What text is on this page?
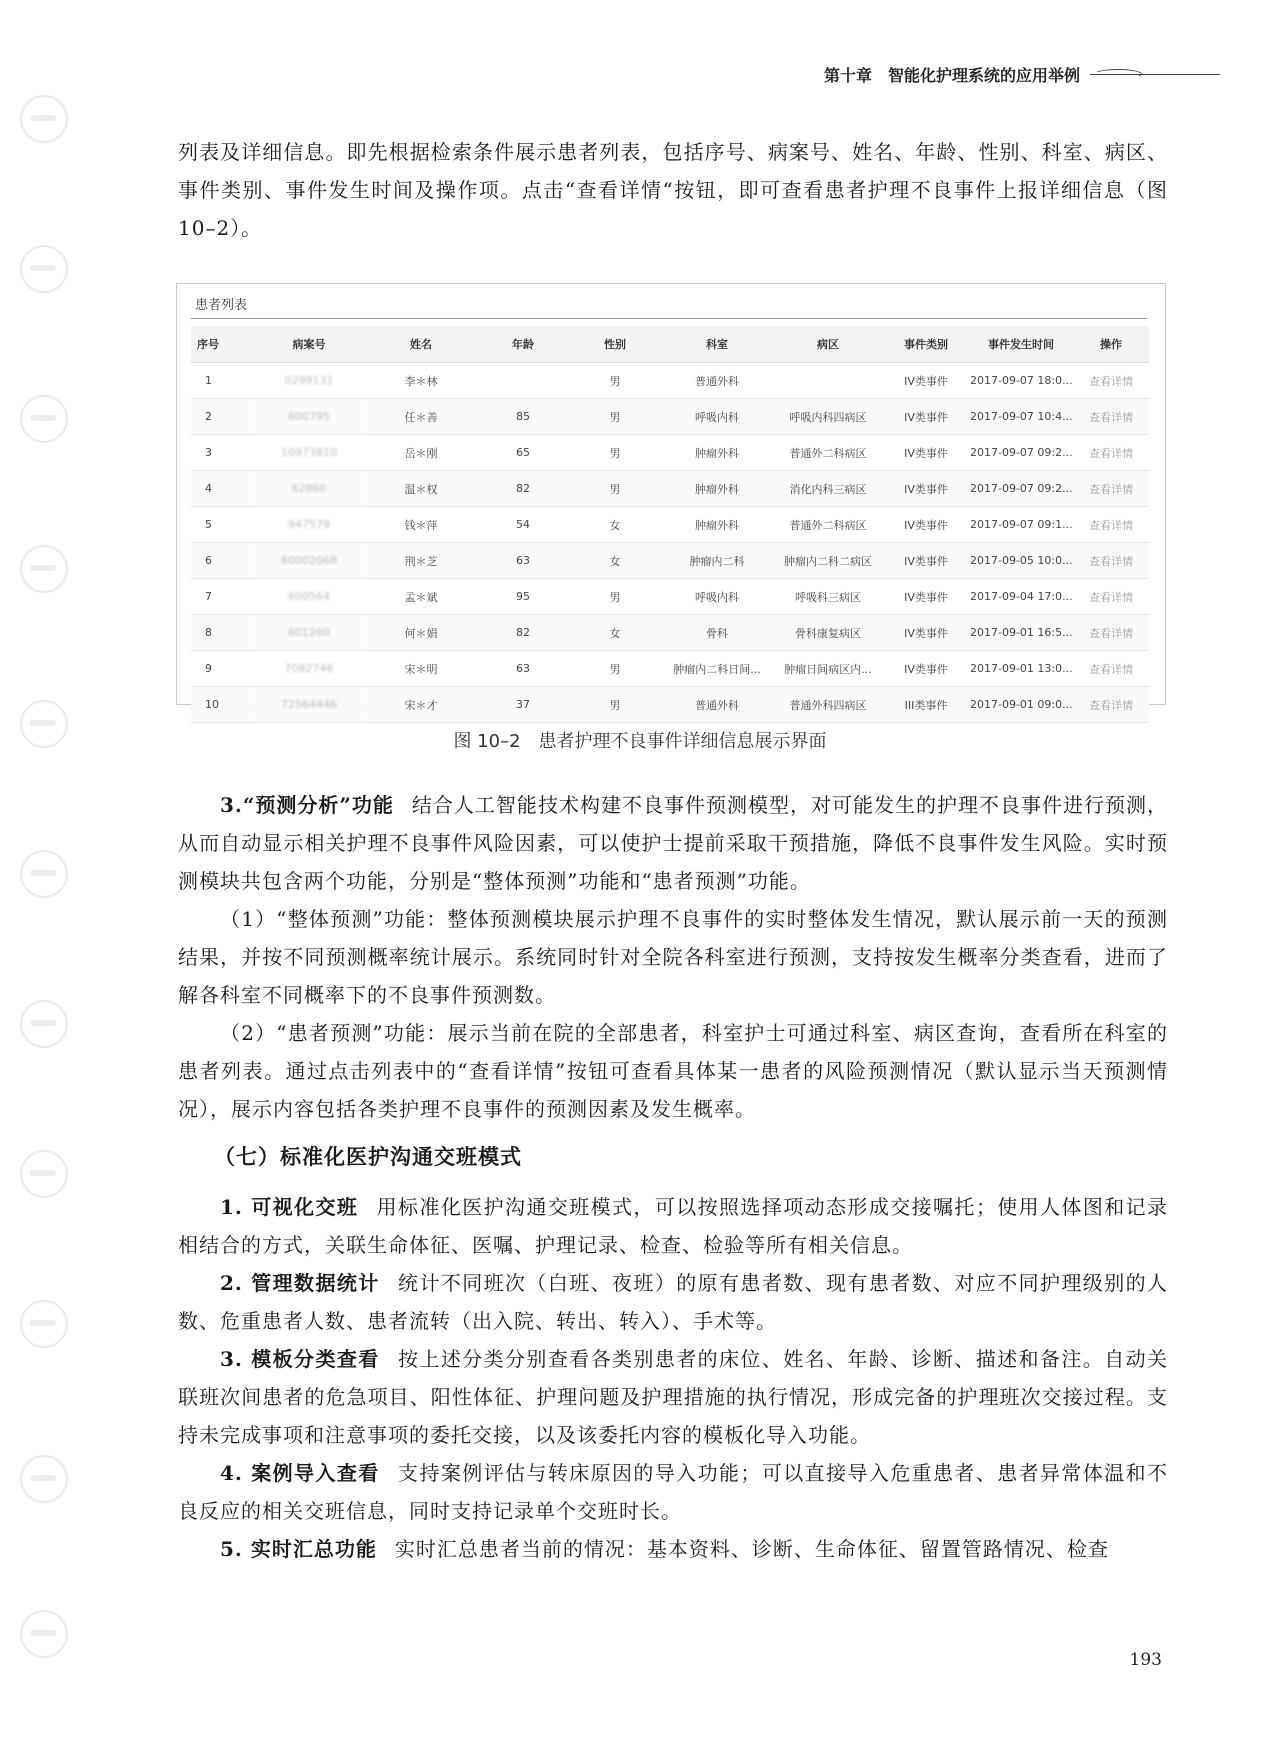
第十章　智能化护理系统的应用举例

列表及详细信息。即先根据检索条件展示患者列表，包括序号、病案号、姓名、年龄、性别、科室、病区、事件类别、事件发生时间及操作项。点击“查看详情“按钮，即可查看患者护理不良事件上报详细信息（图 10–2）。

患者列表
序号	病案号	姓名	年龄	性别	科室	病区	事件类别	事件发生时间	操作
1	0299131	李＊林		男	普通外科		IV类事件	2017-09-07 18:0...	查看详情
2	600795	任＊善	85	男	呼吸内科	呼吸内科四病区	IV类事件	2017-09-07 10:4...	查看详情
3	10973810	岳＊刚	65	男	肿瘤外科	普通外二科病区	IV类事件	2017-09-07 09:2...	查看详情
4	62860	温＊权	82	男	肿瘤外科	消化内科三病区	IV类事件	2017-09-07 09:2...	查看详情
5	947579	钱＊萍	54	女	肿瘤外科	普通外二科病区	IV类事件	2017-09-07 09:1...	查看详情
6	60002068	荆＊芝	63	女	肿瘤内二科	肿瘤内二科二病区	IV类事件	2017-09-05 10:0...	查看详情
7	600564	孟＊斌	95	男	呼吸内科	呼吸科三病区	IV类事件	2017-09-04 17:0...	查看详情
8	601260	何＊娟	82	女	骨科	骨科康复病区	IV类事件	2017-09-01 16:5...	查看详情
9	7082746	宋＊明	63	男	肿瘤内二科日间...	肿瘤日间病区内...	IV类事件	2017-09-01 13:0...	查看详情
10	72564446	宋＊才	37	男	普通外科	普通外科四病区	III类事件	2017-09-01 09:0...	查看详情
图 10–2　患者护理不良事件详细信息展示界面

3.“预测分析”功能 结合人工智能技术构建不良事件预测模型，对可能发生的护理不良事件进行预测，从而自动显示相关护理不良事件风险因素，可以使护士提前采取干预措施，降低不良事件发生风险。实时预测模块共包含两个功能，分别是“整体预测”功能和“患者预测”功能。

（1）“整体预测”功能：整体预测模块展示护理不良事件的实时整体发生情况，默认展示前一天的预测结果，并按不同预测概率统计展示。系统同时针对全院各科室进行预测，支持按发生概率分类查看，进而了解各科室不同概率下的不良事件预测数。

（2）“患者预测”功能：展示当前在院的全部患者，科室护士可通过科室、病区查询，查看所在科室的患者列表。通过点击列表中的“查看详情”按钮可查看具体某一患者的风险预测情况（默认显示当天预测情况），展示内容包括各类护理不良事件的预测因素及发生概率。

（七）标准化医护沟通交班模式

1. 可视化交班 用标准化医护沟通交班模式，可以按照选择项动态形成交接嘱托；使用人体图和记录相结合的方式，关联生命体征、医嘱、护理记录、检查、检验等所有相关信息。

2. 管理数据统计 统计不同班次（白班、夜班）的原有患者数、现有患者数、对应不同护理级别的人数、危重患者人数、患者流转（出入院、转出、转入）、手术等。

3. 模板分类查看 按上述分类分别查看各类别患者的床位、姓名、年龄、诊断、描述和备注。自动关联班次间患者的危急项目、阳性体征、护理问题及护理措施的执行情况，形成完备的护理班次交接过程。支持未完成事项和注意事项的委托交接，以及该委托内容的模板化导入功能。

4. 案例导入查看 支持案例评估与转床原因的导入功能；可以直接导入危重患者、患者异常体温和不良反应的相关交班信息，同时支持记录单个交班时长。

5. 实时汇总功能 实时汇总患者当前的情况：基本资料、诊断、生命体征、留置管路情况、检查

193
